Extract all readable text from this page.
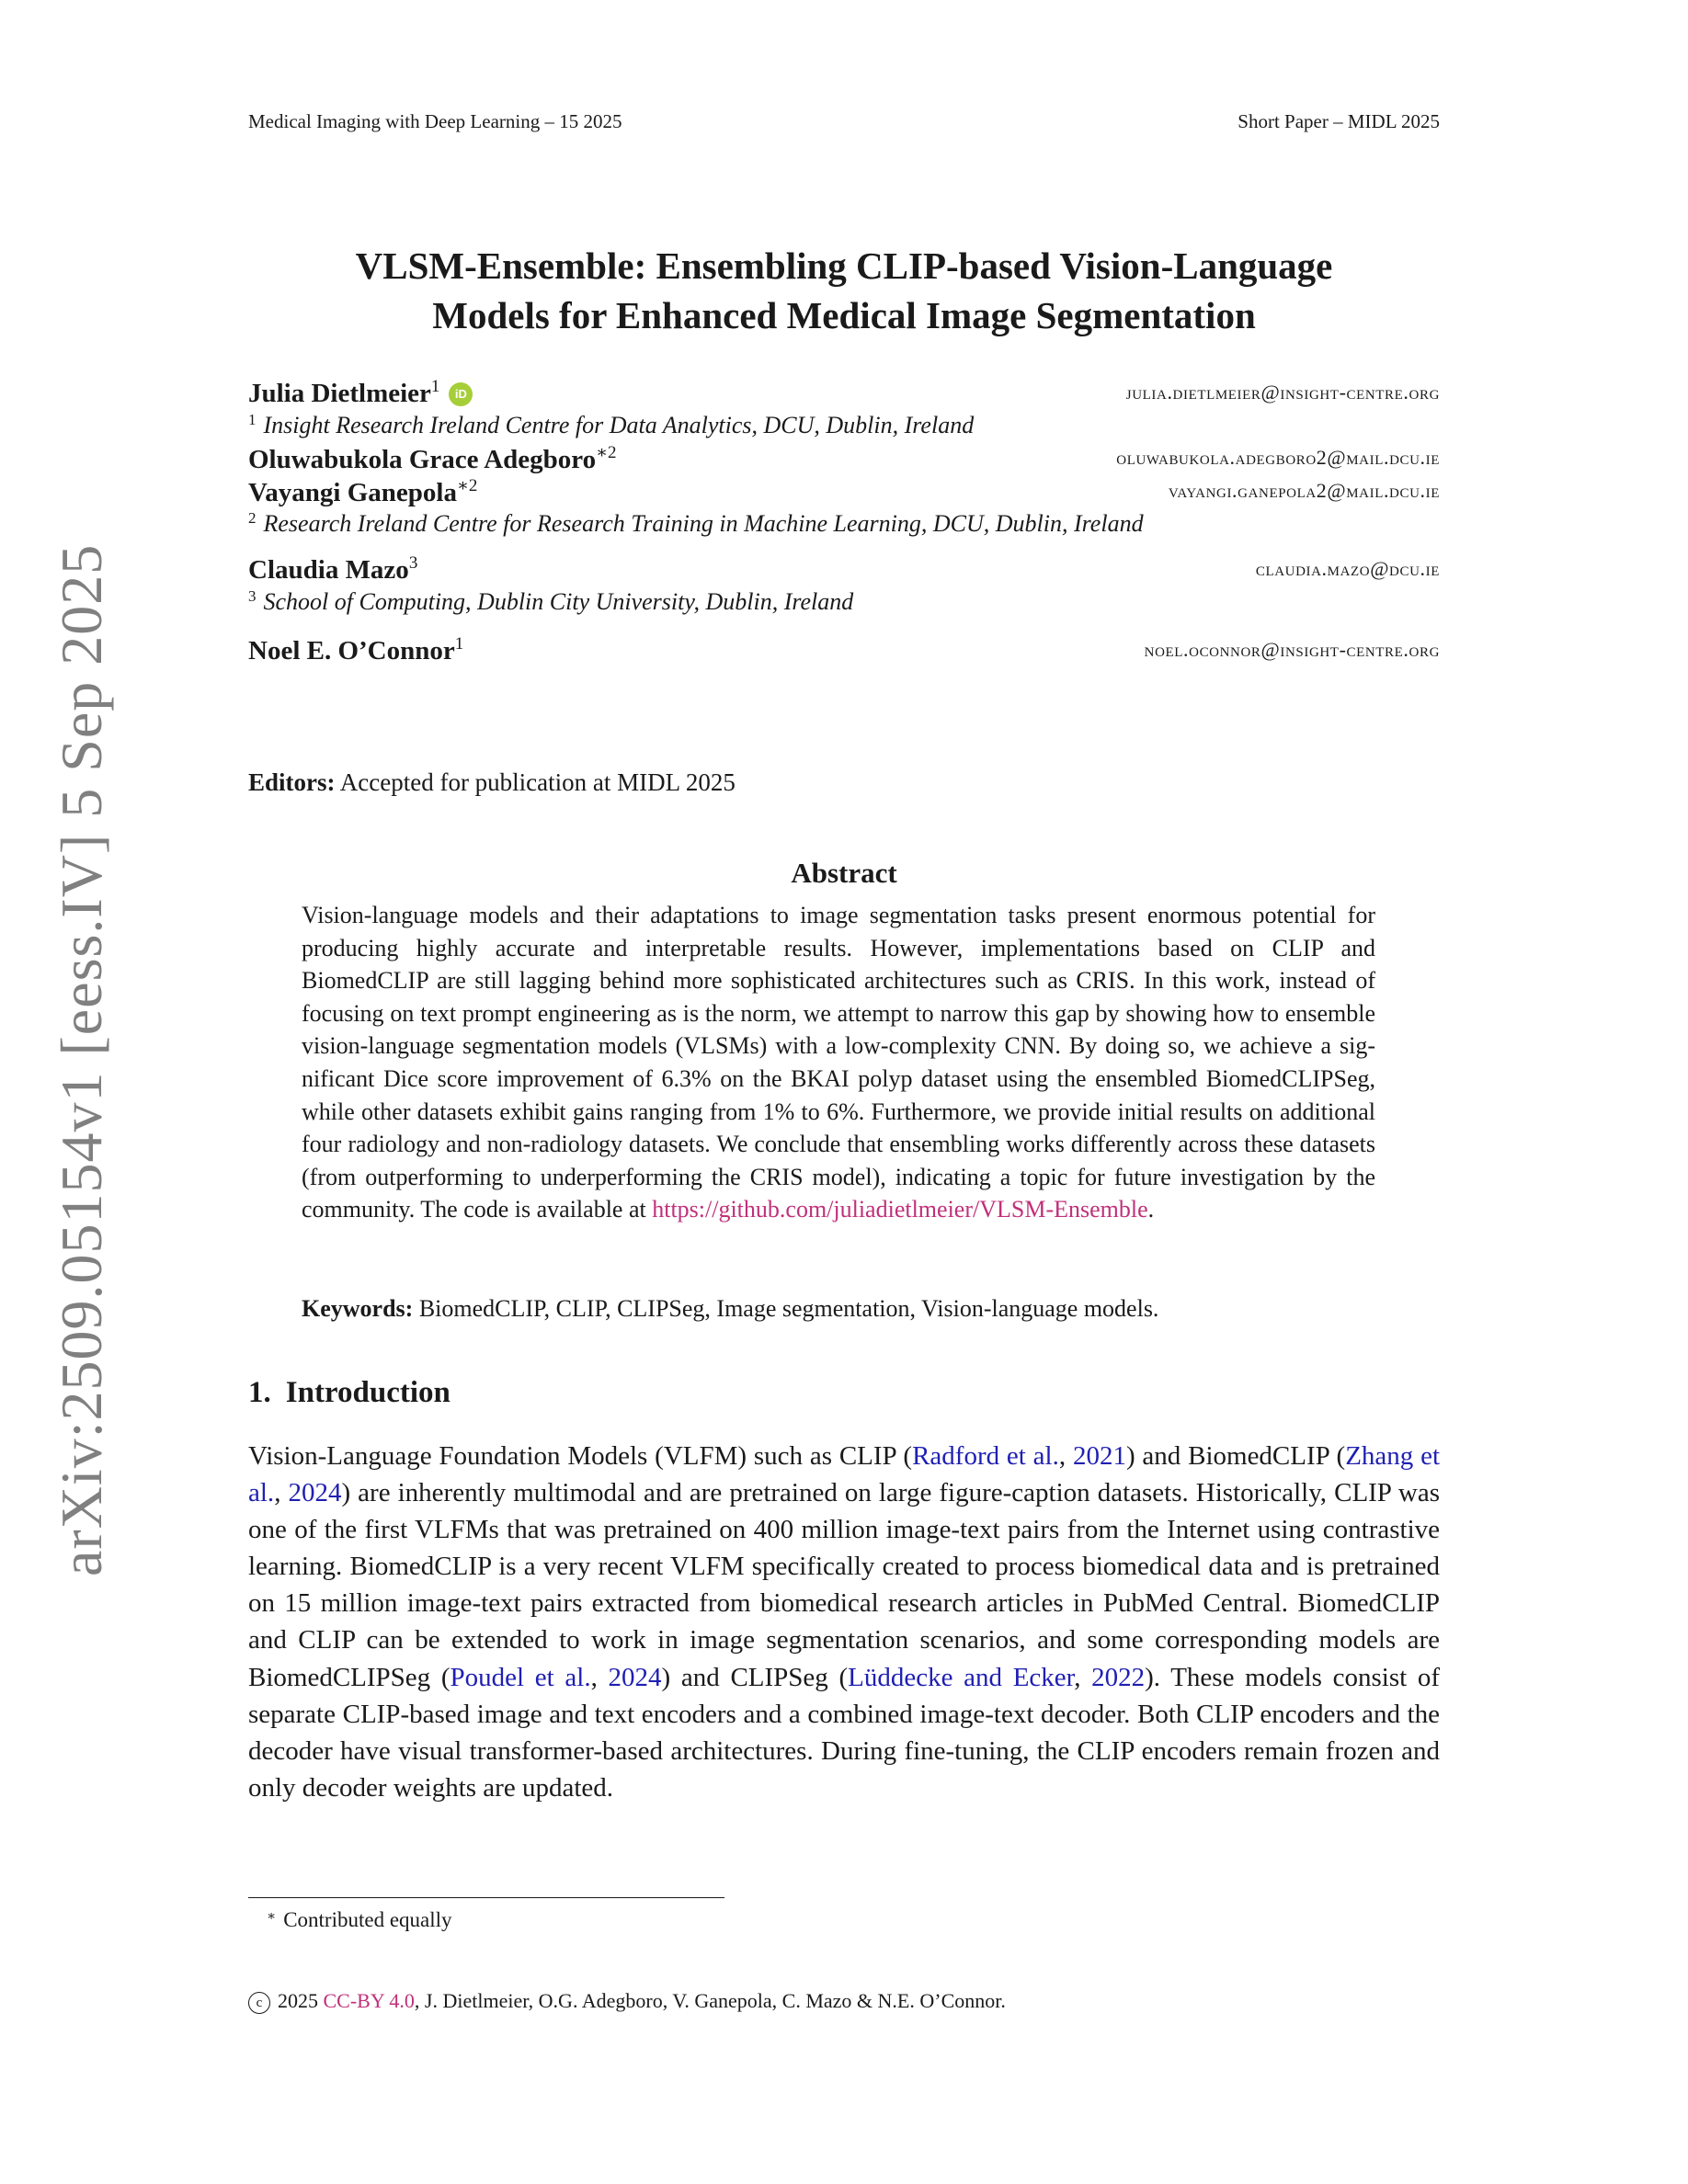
Medical Imaging with Deep Learning – 15 2025	Short Paper – MIDL 2025
arXiv:2509.05154v1 [eess.IV] 5 Sep 2025
VLSM-Ensemble: Ensembling CLIP-based Vision-Language
Models for Enhanced Medical Image Segmentation
Julia Dietlmeier$^1$ iD	julia.dietlmeier@insight-centre.org
$^1$ Insight Research Ireland Centre for Data Analytics, DCU, Dublin, Ireland
Oluwabukola Grace Adegboro$^{∗2}$	oluwabukola.adegboro2@mail.dcu.ie
Vayangi Ganepola$^{∗2}$	vayangi.ganepola2@mail.dcu.ie
$^2$ Research Ireland Centre for Research Training in Machine Learning, DCU, Dublin, Ireland
Claudia Mazo$^3$	claudia.mazo@dcu.ie
$^3$ School of Computing, Dublin City University, Dublin, Ireland
Noel E. O’Connor$^1$	noel.oconnor@insight-centre.org
Editors: Accepted for publication at MIDL 2025
Abstract
Vision-language models and their adaptations to image segmentation tasks present enormous potential for producing highly accurate and interpretable results. However, implementations based on CLIP and BiomedCLIP are still lagging behind more sophisticated architectures such as CRIS. In this work, instead of focusing on text prompt engineering as is the norm, we attempt to narrow this gap by showing how to ensemble vision-language segmentation models (VLSMs) with a low-complexity CNN. By doing so, we achieve a significant Dice score improvement of 6.3% on the BKAI polyp dataset using the ensembled BiomedCLIPSeg, while other datasets exhibit gains ranging from 1% to 6%. Furthermore, we provide initial results on additional four radiology and non-radiology datasets. We conclude that ensembling works differently across these datasets (from outperforming to underperforming the CRIS model), indicating a topic for future investigation by the community. The code is available at https://github.com/juliadietlmeier/VLSM-Ensemble.
Keywords: BiomedCLIP, CLIP, CLIPSeg, Image segmentation, Vision-language models.
1. Introduction
Vision-Language Foundation Models (VLFM) such as CLIP (Radford et al., 2021) and BiomedCLIP (Zhang et al., 2024) are inherently multimodal and are pretrained on large figure-caption datasets. Historically, CLIP was one of the first VLFMs that was pretrained on 400 million image-text pairs from the Internet using contrastive learning. BiomedCLIP is a very recent VLFM specifically created to process biomedical data and is pretrained on 15 million image-text pairs extracted from biomedical research articles in PubMed Central. BiomedCLIP and CLIP can be extended to work in image segmentation scenarios, and some corresponding models are BiomedCLIPSeg (Poudel et al., 2024) and CLIPSeg (Lüddecke and Ecker, 2022). These models consist of separate CLIP-based image and text encoders and a combined image-text decoder. Both CLIP encoders and the decoder have visual transformer-based architectures. During fine-tuning, the CLIP encoders remain frozen and only decoder weights are updated.
∗ Contributed equally
c 2025 CC-BY 4.0, J. Dietlmeier, O.G. Adegboro, V. Ganepola, C. Mazo & N.E. O’Connor.
